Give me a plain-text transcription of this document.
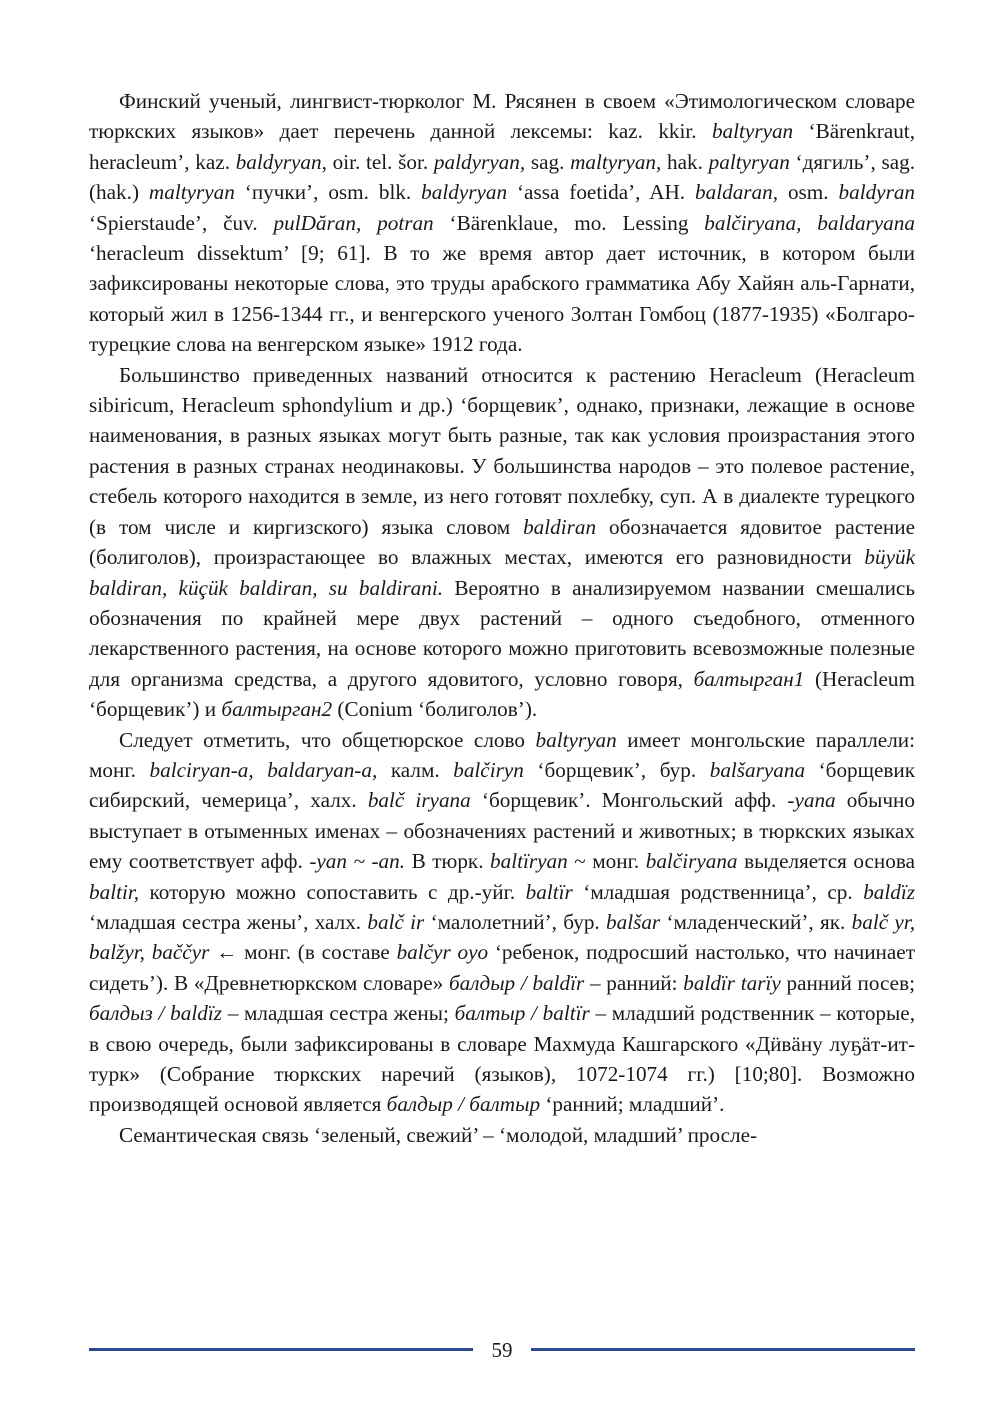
Финский ученый, лингвист-тюрколог М. Рясянен в своем «Этимологическом словаре тюркских языков» дает перечень данной лексемы: kaz. kkir. baltyryan ‘Bärenkraut, heracleum’, kaz. baldyryan, oir. tel. šor. paldyryan, sag. maltyryan, hak. paltyryan ‘дягиль’, sag. (hak.) maltyryan ‘пучки’, osm. blk. baldyryan ‘assa foetida’, AH. baldaran, osm. baldyran ‘Spierstaude’, čuv. pulDăran, potran ‘Bärenklaue, mo. Lessing balčiryana, baldaryana ‘heracleum dissektum’ [9; 61]. В то же время автор дает источник, в котором были зафиксированы некоторые слова, это труды арабского грамматика Абу Хайян аль-Гарнати, который жил в 1256-1344 гг., и венгерского ученого Золтан Гомбоц (1877-1935) «Болгаро-турецкие слова на венгерском языке» 1912 года.

Большинство приведенных названий относится к растению Heracleum (Heracleum sibiricum, Heracleum sphondylium и др.) ‘борщевик’, однако, признаки, лежащие в основе наименования, в разных языках могут быть разные, так как условия произрастания этого растения в разных странах неодинаковы. У большинства народов – это полевое растение, стебель которого находится в земле, из него готовят похлебку, суп. А в диалекте турецкого (в том числе и киргизского) языка словом baldiran обозначается ядовитое растение (болиголов), произрастающее во влажных местах, имеются его разновидности büyük baldiran, küçük baldiran, su baldirani. Вероятно в анализируемом названии смешались обозначения по крайней мере двух растений – одного съедобного, отменного лекарственного растения, на основе которого можно приготовить всевозможные полезные для организма средства, а другого ядовитого, условно говоря, балтырган1 (Heracleum ‘борщевик’) и балтырган2 (Conium ‘болиголов’).

Следует отметить, что общетюрское слово baltyryan имеет монгольские параллели: монг. balciryan-a, baldaryan-a, калм. balčiryn ‘борщевик’, бур. balšaryana ‘борщевик сибирский, чемерица’, халх. balč iryana ‘борщевик’. Монгольский афф. -yana обычно выступает в отыменных именах – обозначениях растений и животных; в тюркских языках ему соответствует афф. -yan ~ -an. В тюрк. baltïryan ~ монг. balčiryana выделяется основа baltir, которую можно сопоставить с др.-уйг. baltïr ‘младшая родственница’, ср. baldïz ‘младшая сестра жены’, халх. balč ir ‘малолетний’, бур. balšar ‘младенческий’, як. balč yr, balžyr, baččyr ← монг. (в составе balčyr oyo ‘ребенок, подросший настолько, что начинает сидеть’). В «Древнетюркском словаре» балдыр / baldïr – ранний: baldïr tarïy ранний посев; балдыз / baldïz – младшая сестра жены; балтыр / baltïr – младший родственник – которые, в свою очередь, были зафиксированы в словаре Махмуда Кашгарского «Дӥвäну луҕäт-ит-турк» (Собрание тюркских наречий (языков), 1072-1074 гг.) [10;80]. Возможно производящей основой является балдыр / балтыр ‘ранний; младший’.

Семантическая связь ‘зеленый, свежий’ – ‘молодой, младший’ просле-

59
